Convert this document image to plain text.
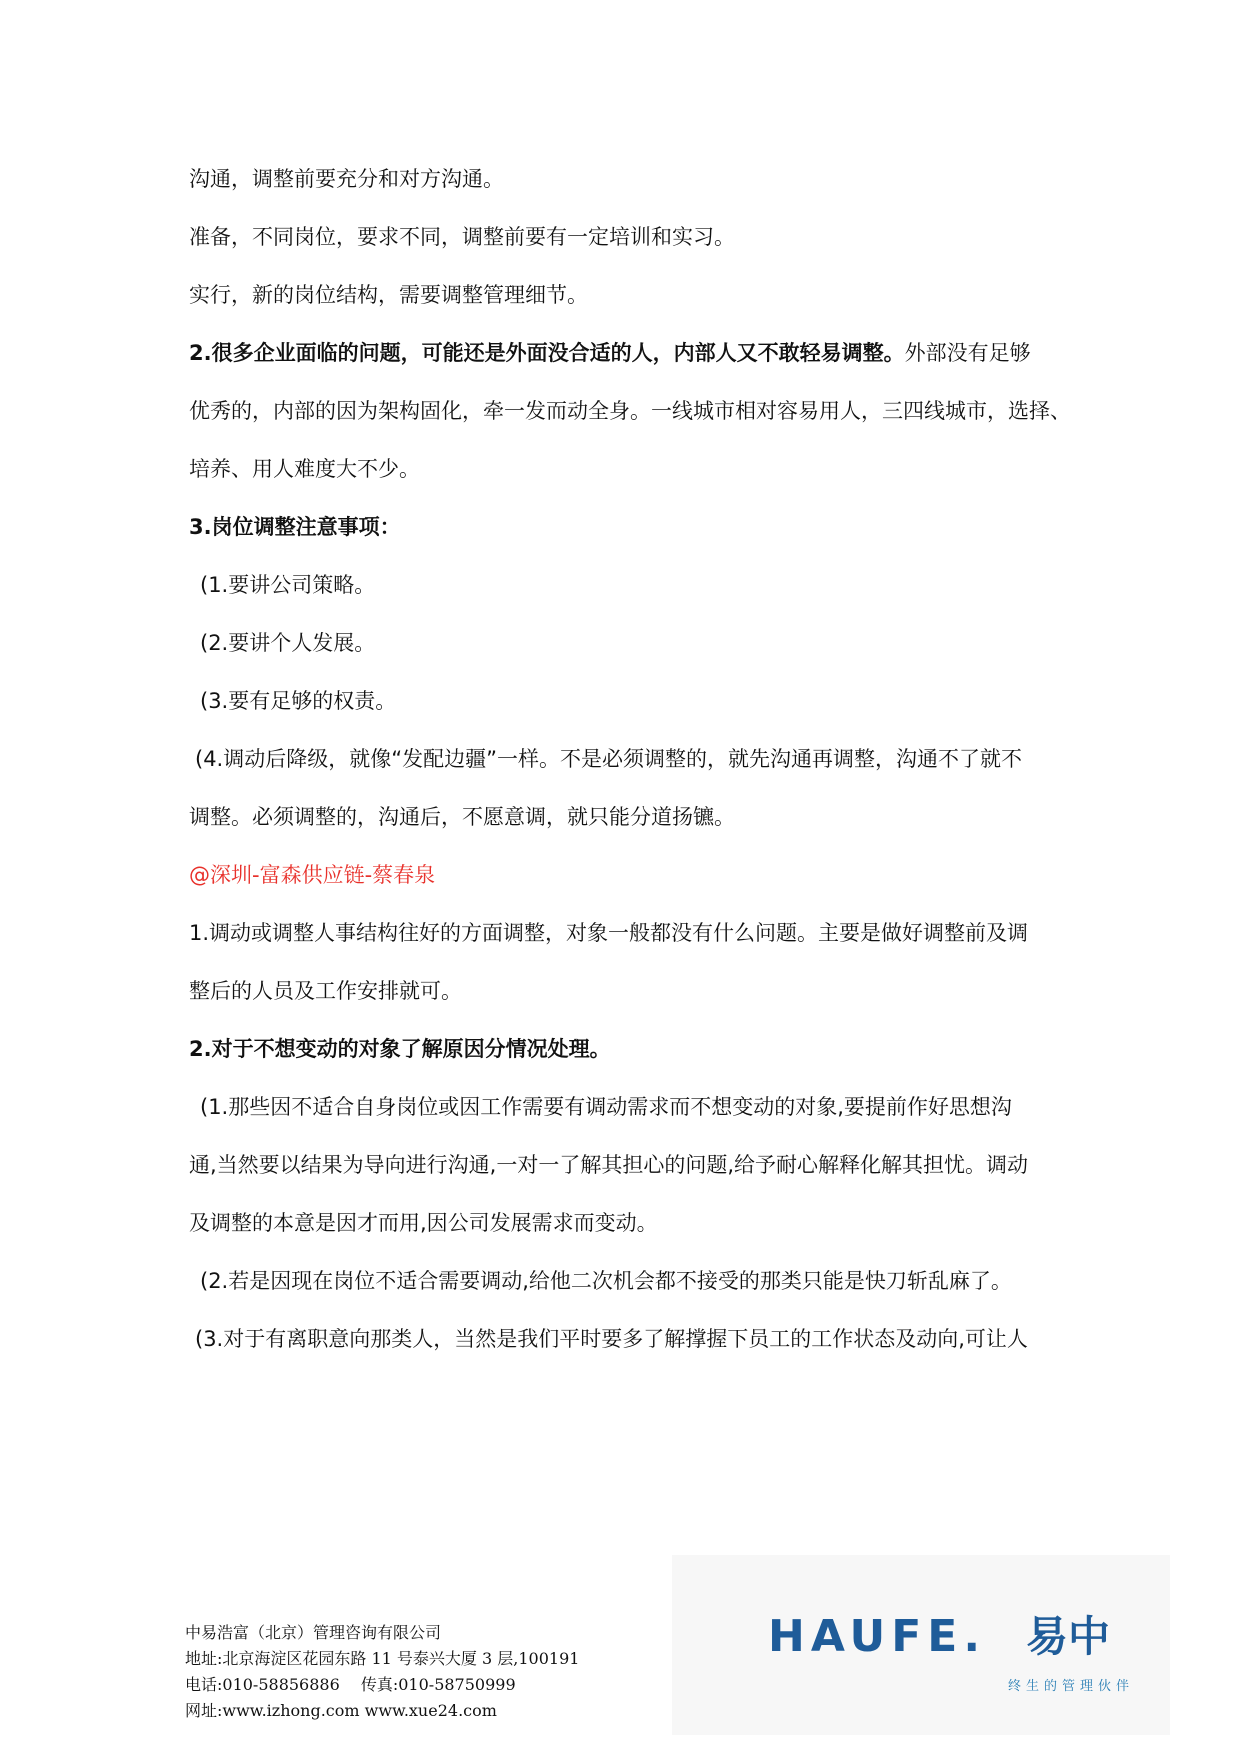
沟通，调整前要充分和对方沟通。
准备，不同岗位，要求不同，调整前要有一定培训和实习。
实行，新的岗位结构，需要调整管理细节。
2.很多企业面临的问题，可能还是外面没合适的人，内部人又不敢轻易调整。外部没有足够
优秀的，内部的因为架构固化，牵一发而动全身。一线城市相对容易用人，三四线城市，选择、
培养、用人难度大不少。
3.岗位调整注意事项：
(1.要讲公司策略。
(2.要讲个人发展。
(3.要有足够的权责。
(4.调动后降级，就像“发配边疆”一样。不是必须调整的，就先沟通再调整，沟通不了就不
调整。必须调整的，沟通后，不愿意调，就只能分道扬镳。
@深圳-富森供应链-蔡春泉
1.调动或调整人事结构往好的方面调整，对象一般都没有什么问题。主要是做好调整前及调
整后的人员及工作安排就可。
2.对于不想变动的对象了解原因分情况处理。
(1.那些因不适合自身岗位或因工作需要有调动需求而不想变动的对象,要提前作好思想沟
通,当然要以结果为导向进行沟通,一对一了解其担心的问题,给予耐心解释化解其担忧。调动
及调整的本意是因才而用,因公司发展需求而变动。
(2.若是因现在岗位不适合需要调动,给他二次机会都不接受的那类只能是快刀斩乱麻了。
(3.对于有离职意向那类人，当然是我们平时要多了解撑握下员工的工作状态及动向,可让人
HAUFE. 易中
终生的管理伙伴
中易浩富（北京）管理咨询有限公司
地址:北京海淀区花园东路 11 号泰兴大厦 3 层,100191
电话:010-58856886　 传真:010-58750999
网址:www.izhong.com www.xue24.com
